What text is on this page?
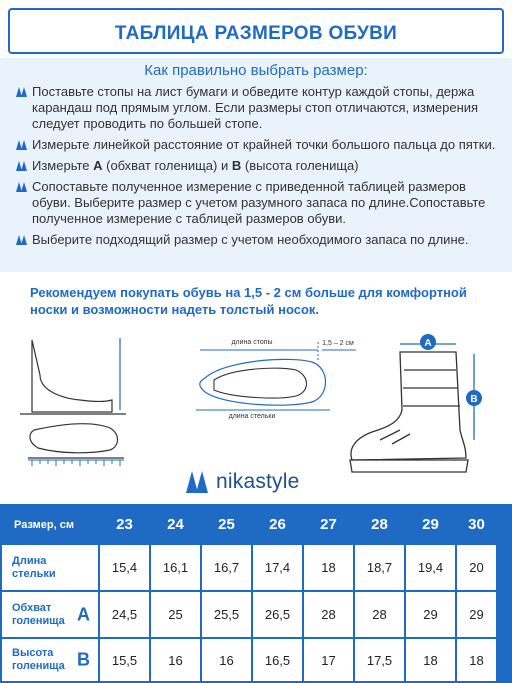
ТАБЛИЦА РАЗМЕРОВ ОБУВИ
Как правильно выбрать размер:
Поставьте стопы на лист бумаги и обведите контур каждой стопы, держа карандаш под прямым углом. Если размеры стоп отличаются, измерения следует проводить по большей стопе.
Измерьте линейкой расстояние от крайней точки большого пальца до пятки.
Измерьте А (обхват голенища) и В (высота голенища)
Сопоставьте полученное измерение с приведенной таблицей размеров обуви. Выберите размер с учетом разумного запаса по длине.Сопоставьте полученное измерение с таблицей размеров обуви.
Выберите подходящий размер с учетом необходимого запаса по длине.
Рекомендуем покупать обувь на 1,5 - 2 см больше для комфортной носки и возможности надеть толстый носок.
длина стопы	1,5 – 2 см
длина стельки
A
B
nikastyle
Размер, см	23	24	25	26	27	28	29	30

Длина
стельки	15,4	16,1	16,7	17,4	18	18,7	19,4	20

Обхват
голенища A	24,5	25	25,5	26,5	28	28	29	29

Высота
голенища B	15,5	16	16	16,5	17	17,5	18	18
